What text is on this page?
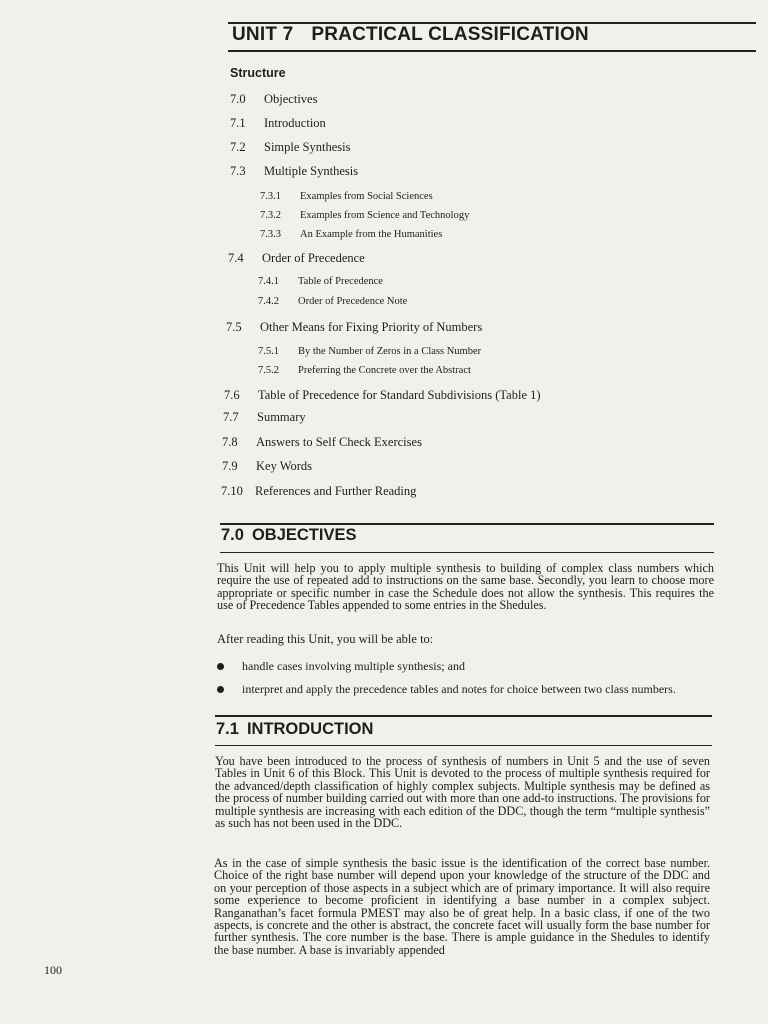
UNIT 7 PRACTICAL CLASSIFICATION
Structure
7.0 Objectives
7.1 Introduction
7.2 Simple Synthesis
7.3 Multiple Synthesis
7.3.1 Examples from Social Sciences
7.3.2 Examples from Science and Technology
7.3.3 An Example from the Humanities
7.4 Order of Precedence
7.4.1 Table of Precedence
7.4.2 Order of Precedence Note
7.5 Other Means for Fixing Priority of Numbers
7.5.1 By the Number of Zeros in a Class Number
7.5.2 Preferring the Concrete over the Abstract
7.6 Table of Precedence for Standard Subdivisions (Table 1)
7.7 Summary
7.8 Answers to Self Check Exercises
7.9 Key Words
7.10 References and Further Reading
7.0 OBJECTIVES

This Unit will help you to apply multiple synthesis to building of complex class numbers which require the use of repeated add to instructions on the same base. Secondly, you learn to choose more appropriate or specific number in case the Schedule does not allow the synthesis. This requires the use of Precedence Tables appended to some entries in the Shedules.

After reading this Unit, you will be able to:

handle cases involving multiple synthesis; and
interpret and apply the precedence tables and notes for choice between two class numbers.
7.1 INTRODUCTION

You have been introduced to the process of synthesis of numbers in Unit 5 and the use of seven Tables in Unit 6 of this Block. This Unit is devoted to the process of multiple synthesis required for the advanced/depth classification of highly complex subjects. Multiple synthesis may be defined as the process of number building carried out with more than one add-to instructions. The provisions for multiple synthesis are increasing with each edition of the DDC, though the term “multiple synthesis” as such has not been used in the DDC.

As in the case of simple synthesis the basic issue is the identification of the correct base number. Choice of the right base number will depend upon your knowledge of the structure of the DDC and on your perception of those aspects in a subject which are of primary importance. It will also require some experience to become proficient in identifying a base number in a complex subject. Ranganathan’s facet formula PMEST may also be of great help. In a basic class, if one of the two aspects, is concrete and the other is abstract, the concrete facet will usually form the base number for further synthesis. The core number is the base. There is ample guidance in the Shedules to identify the base number. A base is invariably appended

100
